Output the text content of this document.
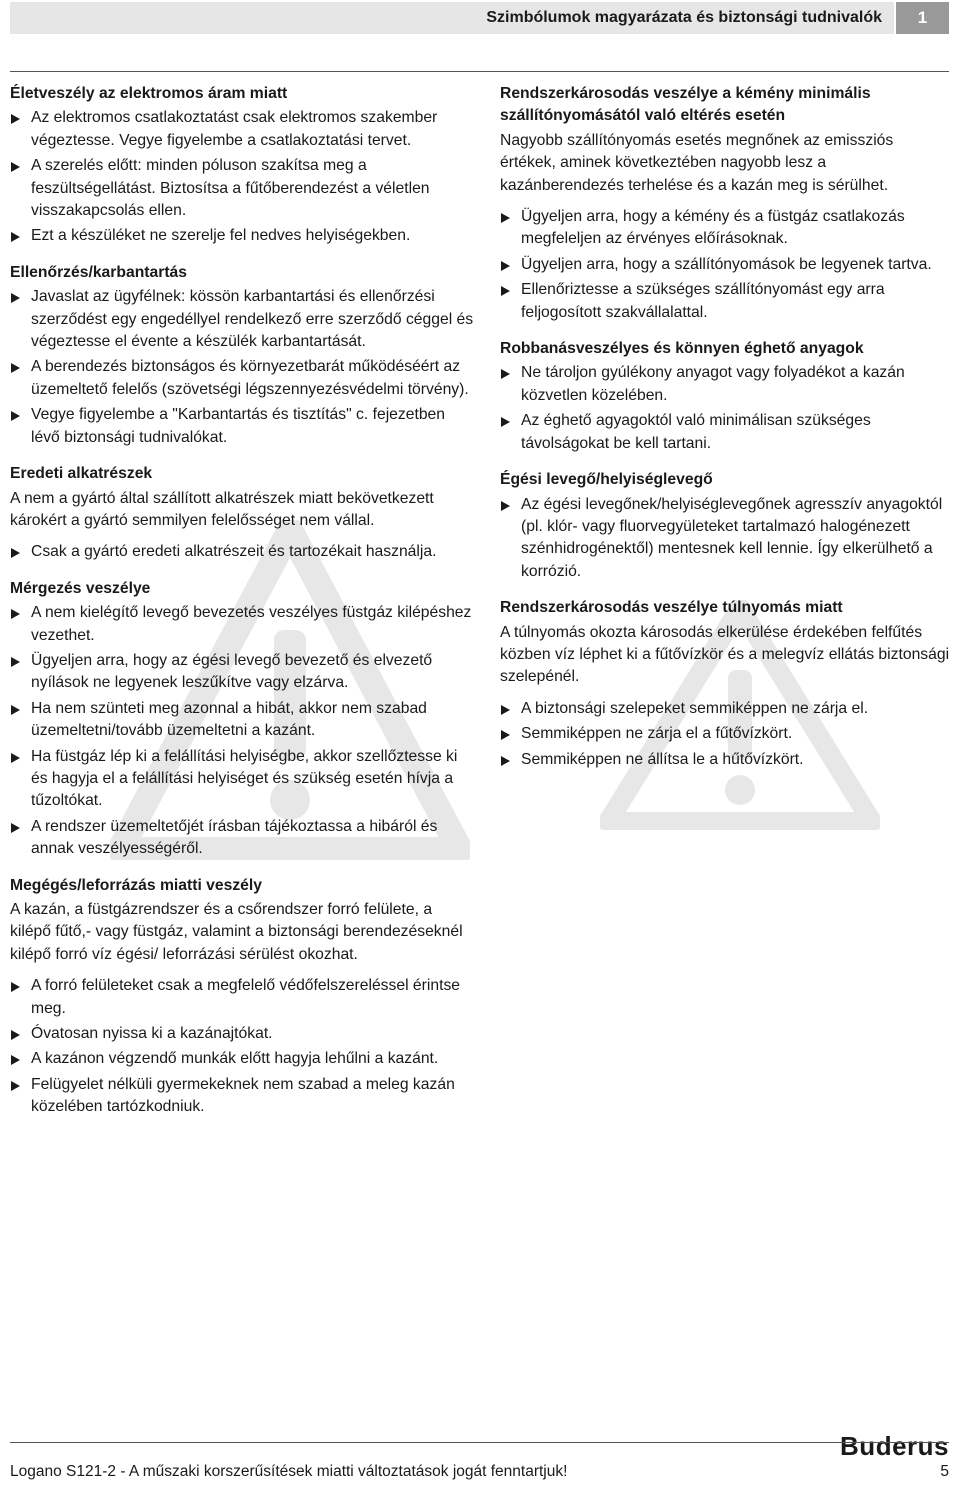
Szimbólumok magyarázata és biztonsági tudnivalók	1
Életveszély az elektromos áram miatt
Az elektromos csatlakoztatást csak elektromos szakember végeztesse. Vegye figyelembe a csatlakoztatási tervet.
A szerelés előtt: minden póluson szakítsa meg a feszültségellátást. Biztosítsa a fűtőberendezést a véletlen visszakapcsolás ellen.
Ezt a készüléket ne szerelje fel nedves helyiségekben.
Ellenőrzés/karbantartás
Javaslat az ügyfélnek: kössön karbantartási és ellenőrzési szerződést egy engedéllyel rendelkező erre szerződő céggel és végeztesse el évente a készülék karbantartását.
A berendezés biztonságos és környezetbarát működéséért az üzemeltető felelős (szövetségi légszennyezésvédelmi törvény).
Vegye figyelembe a "Karbantartás és tisztítás" c. fejezetben lévő biztonsági tudnivalókat.
Eredeti alkatrészek

A nem a gyártó által szállított alkatrészek miatt bekövetkezett károkért a gyártó semmilyen felelősséget nem vállal.

Csak a gyártó eredeti alkatrészeit és tartozékait használja.
Mérgezés veszélye
A nem kielégítő levegő bevezetés veszélyes füstgáz kilépéshez vezethet.
Ügyeljen arra, hogy az égési levegő bevezető és elvezető nyílások ne legyenek leszűkítve vagy elzárva.
Ha nem szünteti meg azonnal a hibát, akkor nem szabad üzemeltetni/tovább üzemeltetni a kazánt.
Ha füstgáz lép ki a felállítási helyiségbe, akkor szellőztesse ki és hagyja el a felállítási helyiséget és szükség esetén hívja a tűzoltókat.
A rendszer üzemeltetőjét írásban tájékoztassa a hibáról és annak veszélyességéről.
Megégés/leforrázás miatti veszély

A kazán, a füstgázrendszer és a csőrendszer forró felülete, a kilépő fűtő,- vagy füstgáz, valamint a biztonsági berendezéseknél kilépő forró víz égési/ leforrázási sérülést okozhat.

A forró felületeket csak a megfelelő védőfelszereléssel érintse meg.
Óvatosan nyissa ki a kazánajtókat.
A kazánon végzendő munkák előtt hagyja lehűlni a kazánt.
Felügyelet nélküli gyermekeknek nem szabad a meleg kazán közelében tartózkodniuk.
Rendszerkárosodás veszélye a kémény minimális szállítónyomásától való eltérés esetén

Nagyobb szállítónyomás esetés megnőnek az emissziós értékek, aminek következtében nagyobb lesz a kazánberendezés terhelése és a kazán meg is sérülhet.

Ügyeljen arra, hogy a kémény és a füstgáz csatlakozás megfeleljen az érvényes előírásoknak.
Ügyeljen arra, hogy a szállítónyomások be legyenek tartva.
Ellenőriztesse a szükséges szállítónyomást egy arra feljogosított szakvállalattal.
Robbanásveszélyes és könnyen éghető anyagok
Ne tároljon gyúlékony anyagot vagy folyadékot a kazán közvetlen közelében.
Az éghető agyagoktól való minimálisan szükséges távolságokat be kell tartani.
Égési levegő/helyiséglevegő
Az égési levegőnek/helyiséglevegőnek agresszív anyagoktól (pl. klór- vagy fluorvegyületeket tartalmazó halogénezett szénhidrogénektől) mentesnek kell lennie. Így elkerülhető a korrózió.
Rendszerkárosodás veszélye túlnyomás miatt

A túlnyomás okozta károsodás elkerülése érdekében felfűtés közben víz léphet ki a fűtővízkör és a melegvíz ellátás biztonsági szelepénél.

A biztonsági szelepeket semmiképpen ne zárja el.
Semmiképpen ne zárja el a fűtővízkört.
Semmiképpen ne állítsa le a hűtővízkört.
Buderus
Logano S121-2 - A műszaki korszerűsítések miatti változtatások jogát fenntartjuk!	5
